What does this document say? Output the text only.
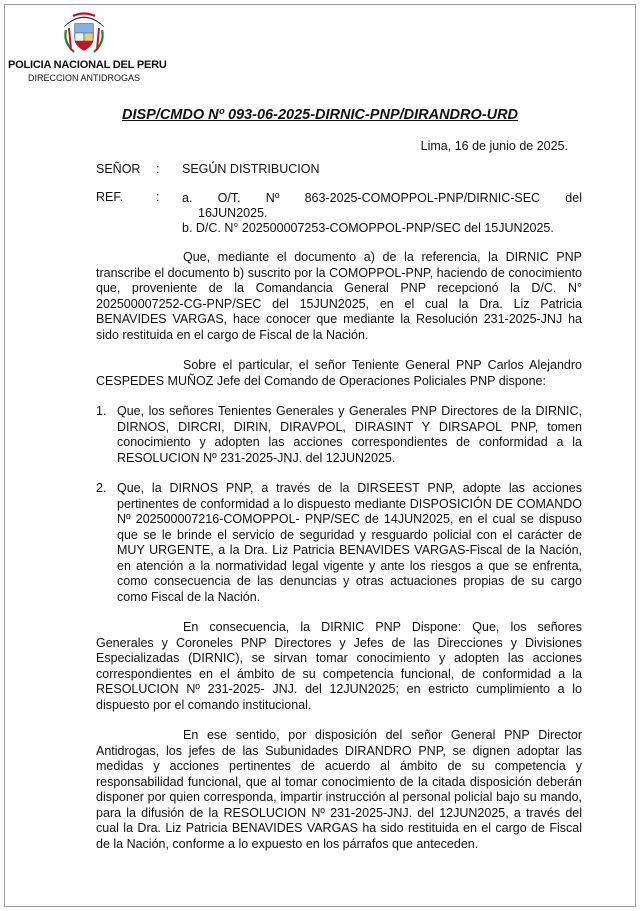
POLICIA NACIONAL DEL PERU
DIRECCION ANTIDROGAS
DISP/CMDO Nº 093-06-2025-DIRNIC-PNP/DIRANDRO-URD
Lima, 16 de junio de 2025.
SEÑOR : SEGÚN DISTRIBUCION
REF.	: a. O/T. Nº 863-2025-COMOPPOL-PNP/DIRNIC-SEC del
16JUN2025.
b. D/C. N° 202500007253-COMOPPOL-PNP/SEC del 15JUN2025.

Que, mediante el documento a) de la referencia, la DIRNIC PNP transcribe el documento b) suscrito por la COMOPPOL-PNP, haciendo de conocimiento que, proveniente de la Comandancia General PNP recepcionó la D/C. N° 202500007252-CG-PNP/SEC del 15JUN2025, en el cual la Dra. Liz Patricia BENAVIDES VARGAS, hace conocer que mediante la Resolución 231-2025-JNJ ha sido restituida en el cargo de Fiscal de la Nación.

Sobre el particular, el señor Teniente General PNP Carlos Alejandro CESPEDES MUÑOZ Jefe del Comando de Operaciones Policiales PNP dispone:

1. Que, los señores Tenientes Generales y Generales PNP Directores de la DIRNIC, DIRNOS, DIRCRI, DIRIN, DIRAVPOL, DIRASINT Y DIRSAPOL PNP, tomen conocimiento y adopten las acciones correspondientes de conformidad a la RESOLUCION Nº 231-2025-JNJ. del 12JUN2025.
2. Que, la DIRNOS PNP, a través de la DIRSEEST PNP, adopte las acciones pertinentes de conformidad a lo dispuesto mediante DISPOSICIÓN DE COMANDO Nº 202500007216-COMOPPOL- PNP/SEC de 14JUN2025, en el cual se dispuso que se le brinde el servicio de seguridad y resguardo policial con el carácter de MUY URGENTE, a la Dra. Liz Patricia BENAVIDES VARGAS-Fiscal de la Nación, en atención a la normatividad legal vigente y ante los riesgos a que se enfrenta, como consecuencia de las denuncias y otras actuaciones propias de su cargo como Fiscal de la Nación.

En consecuencia, la DIRNIC PNP Dispone: Que, los señores Generales y Coroneles PNP Directores y Jefes de las Direcciones y Divisiones Especializadas (DIRNIC), se sirvan tomar conocimiento y adopten las acciones correspondientes en el ámbito de su competencia funcional, de conformidad a la RESOLUCION Nº 231-2025- JNJ. del 12JUN2025; en estricto cumplimiento a lo dispuesto por el comando institucional.

En ese sentido, por disposición del señor General PNP Director Antidrogas, los jefes de las Subunidades DIRANDRO PNP, se dignen adoptar las medidas y acciones pertinentes de acuerdo al ámbito de su competencia y responsabilidad funcional, que al tomar conocimiento de la citada disposición deberán disponer por quien corresponda, impartir instrucción al personal policial bajo su mando, para la difusión de la RESOLUCION Nº 231-2025-JNJ. del 12JUN2025, a través del cual la Dra. Liz Patricia BENAVIDES VARGAS ha sido restituida en el cargo de Fiscal de la Nación, conforme a lo expuesto en los párrafos que anteceden.
